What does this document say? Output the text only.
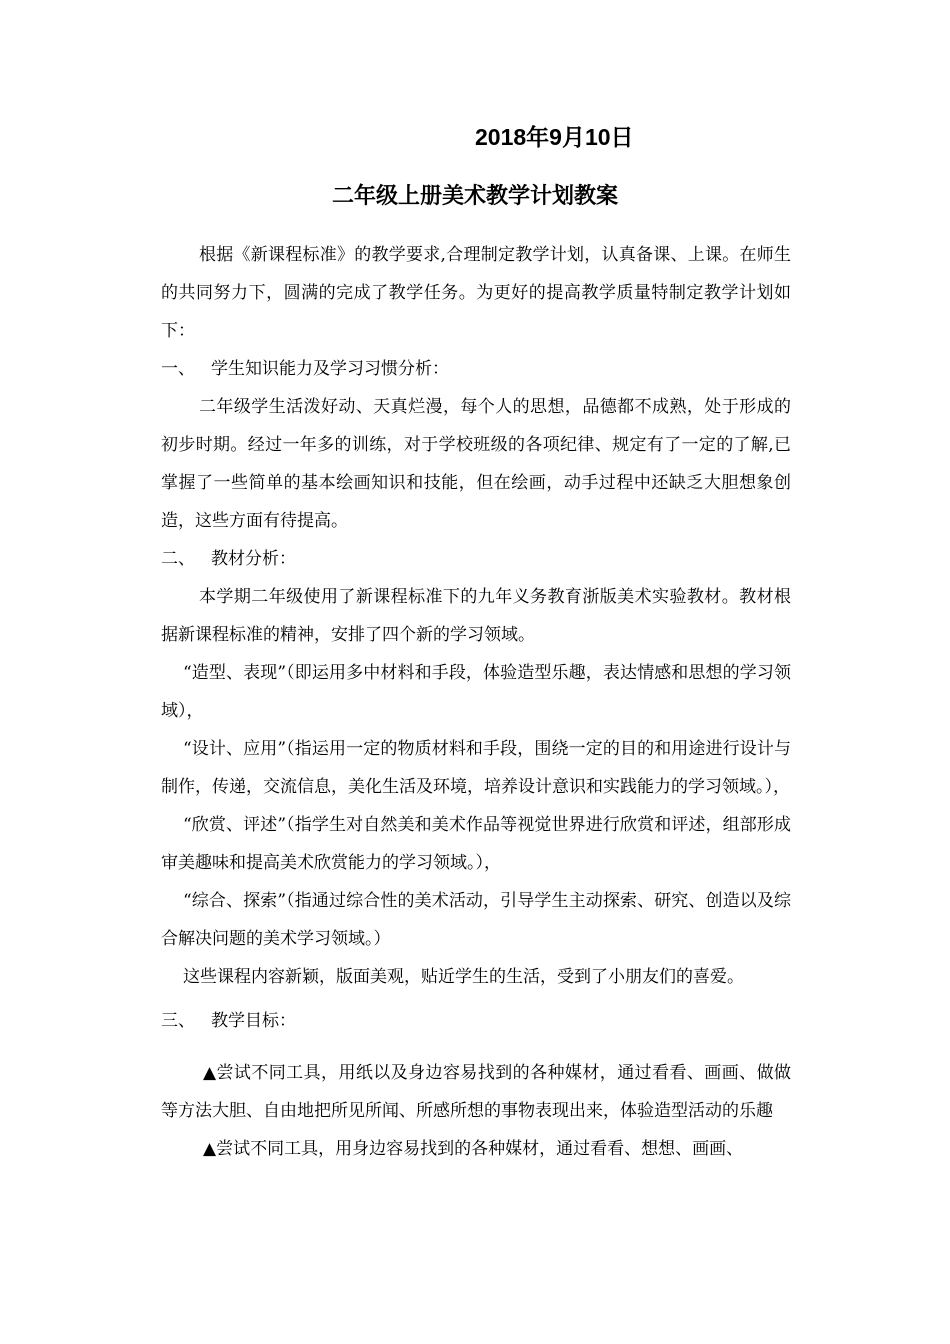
2018年9月10日
二年级上册美术教学计划教案

根据《新课程标准》的教学要求,合理制定教学计划，认真备课、上课。在师生的共同努力下，圆满的完成了教学任务。为更好的提高教学质量特制定教学计划如下：

一、 学生知识能力及学习习惯分析：

二年级学生活泼好动、天真烂漫，每个人的思想，品德都不成熟，处于形成的初步时期。经过一年多的训练，对于学校班级的各项纪律、规定有了一定的了解,已掌握了一些简单的基本绘画知识和技能，但在绘画，动手过程中还缺乏大胆想象创造，这些方面有待提高。

二、 教材分析：

本学期二年级使用了新课程标准下的九年义务教育浙版美术实验教材。教材根据新课程标准的精神，安排了四个新的学习领域。

“造型、表现”（即运用多中材料和手段，体验造型乐趣，表达情感和思想的学习领域），

“设计、应用”（指运用一定的物质材料和手段，围绕一定的目的和用途进行设计与制作，传递，交流信息，美化生活及环境，培养设计意识和实践能力的学习领域。），

“欣赏、评述”（指学生对自然美和美术作品等视觉世界进行欣赏和评述，组部形成审美趣味和提高美术欣赏能力的学习领域。），

“综合、探索”（指通过综合性的美术活动，引导学生主动探索、研究、创造以及综合解决问题的美术学习领域。）

这些课程内容新颖，版面美观，贴近学生的生活，受到了小朋友们的喜爱。

三、 教学目标：

▲尝试不同工具，用纸以及身边容易找到的各种媒材，通过看看、画画、做做等方法大胆、自由地把所见所闻、所感所想的事物表现出来，体验造型活动的乐趣

▲尝试不同工具，用身边容易找到的各种媒材，通过看看、想想、画画、
